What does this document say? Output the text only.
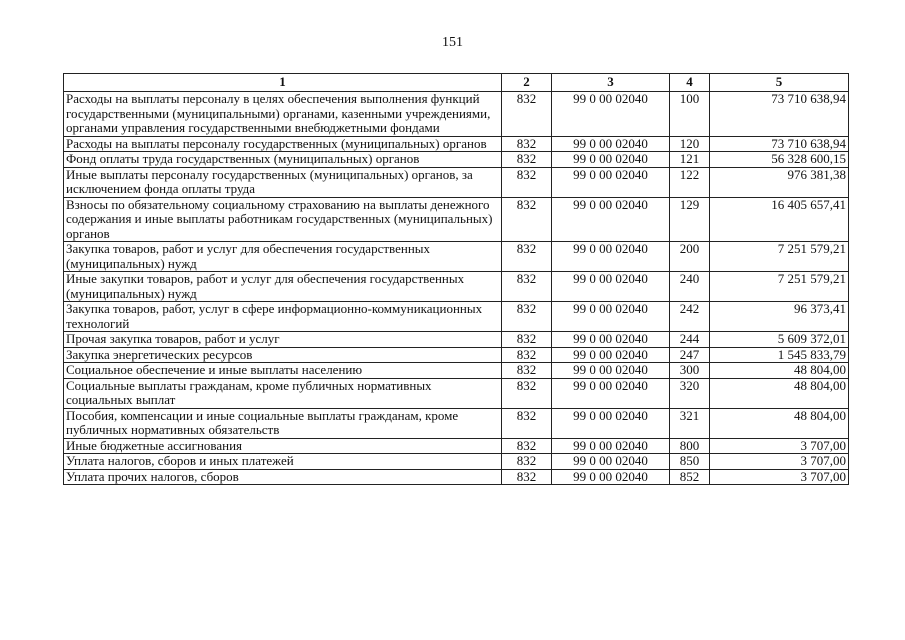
151
1	2	3	4	5
Расходы на выплаты персоналу в целях обеспечения выполнения функций государственными (муниципальными) органами, казенными учреждениями, органами управления государственными внебюджетными фондами	832	99 0 00 02040	100	73 710 638,94
Расходы на выплаты персоналу государственных (муниципальных) органов	832	99 0 00 02040	120	73 710 638,94
Фонд оплаты труда государственных (муниципальных) органов	832	99 0 00 02040	121	56 328 600,15
Иные выплаты персоналу государственных (муниципальных) органов, за исключением фонда оплаты труда	832	99 0 00 02040	122	976 381,38
Взносы по обязательному социальному страхованию на выплаты денежного содержания и иные выплаты работникам государственных (муниципальных) органов	832	99 0 00 02040	129	16 405 657,41
Закупка товаров, работ и услуг для обеспечения государственных (муниципальных) нужд	832	99 0 00 02040	200	7 251 579,21
Иные закупки товаров, работ и услуг для обеспечения государственных (муниципальных) нужд	832	99 0 00 02040	240	7 251 579,21
Закупка товаров, работ, услуг в сфере информационно-коммуникационных технологий	832	99 0 00 02040	242	96 373,41
Прочая закупка товаров, работ и услуг	832	99 0 00 02040	244	5 609 372,01
Закупка энергетических ресурсов	832	99 0 00 02040	247	1 545 833,79
Социальное обеспечение и иные выплаты населению	832	99 0 00 02040	300	48 804,00
Социальные выплаты гражданам, кроме публичных нормативных социальных выплат	832	99 0 00 02040	320	48 804,00
Пособия, компенсации и иные социальные выплаты гражданам, кроме публичных нормативных обязательств	832	99 0 00 02040	321	48 804,00
Иные бюджетные ассигнования	832	99 0 00 02040	800	3 707,00
Уплата налогов, сборов и иных платежей	832	99 0 00 02040	850	3 707,00
Уплата прочих налогов, сборов	832	99 0 00 02040	852	3 707,00
